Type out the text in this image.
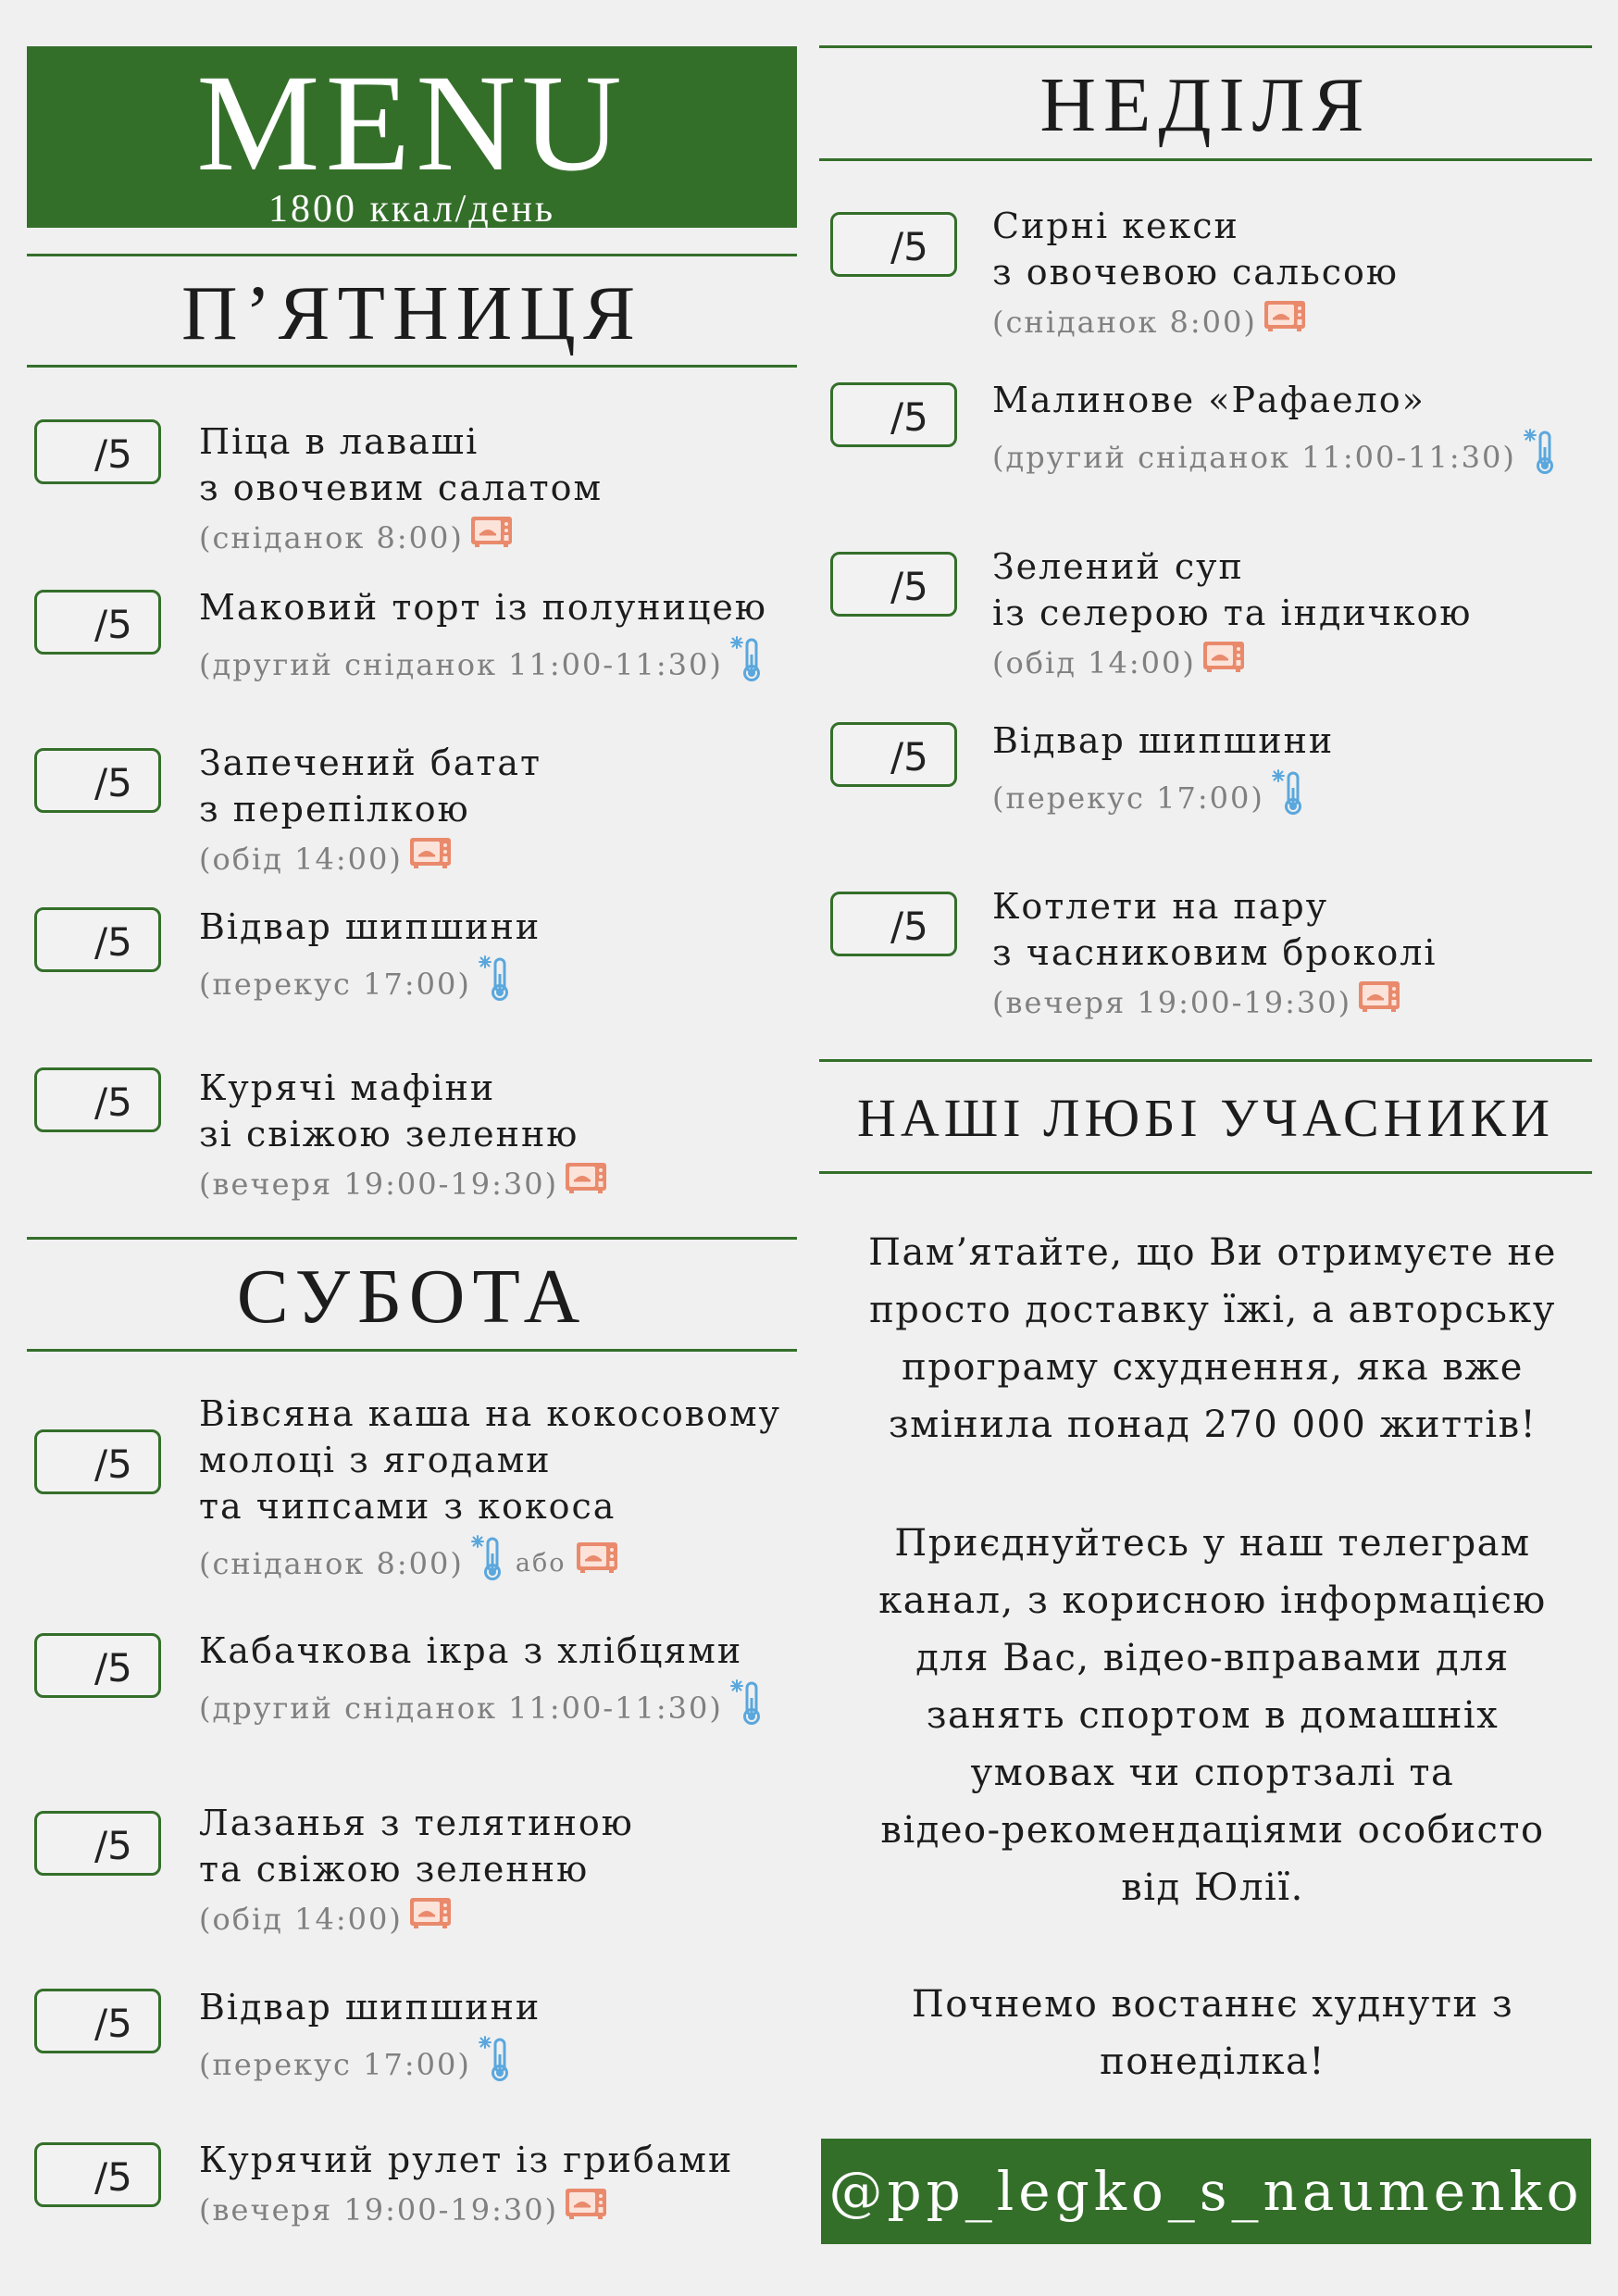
MENU
1800 ккал/день
П’ЯТНИЦЯ
/5 Піца в лаваші
з овочевим салатом
(сніданок 8:00)
/5 Маковий торт із полуницею
(другий сніданок 11:00-11:30)
/5 Запечений батат
з перепілкою
(обід 14:00)
/5 Відвар шипшини
(перекус 17:00)
/5 Курячі мафіни
зі свіжою зеленню
(вечеря 19:00-19:30)
СУБОТА
/5
Вівсяна каша на кокосовому
молоці з ягодами
та чипсами з кокоса
(сніданок 8:00) або
/5 Кабачкова ікра з хлібцями
(другий сніданок 11:00-11:30)
/5 Лазанья з телятиною
та свіжою зеленню
(обід 14:00)
/5 Відвар шипшини
(перекус 17:00)
/5 Курячий рулет із грибами
(вечеря 19:00-19:30)
НЕДІЛЯ
/5 Сирні кекси
з овочевою сальсою
(сніданок 8:00)
/5 Малинове «Рафаело»
(другий сніданок 11:00-11:30)
/5 Зелений суп
із селерою та індичкою
(обід 14:00)
/5 Відвар шипшини
(перекус 17:00)
/5 Котлети на пару
з часниковим броколі
(вечеря 19:00-19:30)
НАШІ ЛЮБІ УЧАСНИКИ
Пам’ятайте, що Ви отримуєте не
просто доставку їжі, а авторську
програму схуднення, яка вже
змінила понад 270 000 життів!
Приєднуйтесь у наш телеграм
канал, з корисною інформацією
для Вас, відео-вправами для
занять спортом в домашніх
умовах чи спортзалі та
відео-рекомендаціями особисто
від Юлії.
Почнемо востаннє худнути з
понеділка!
@pp_legko_s_naumenko
